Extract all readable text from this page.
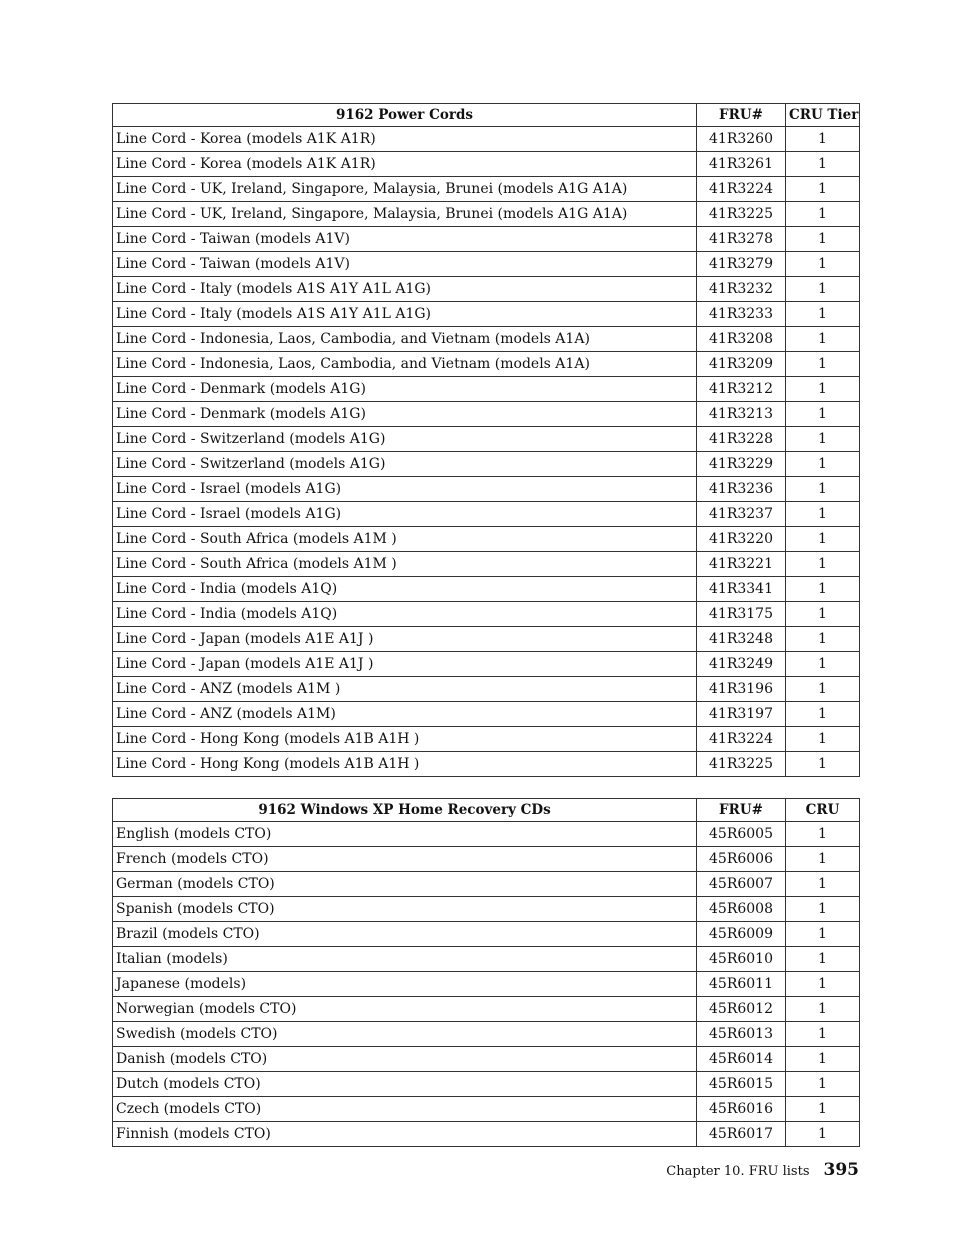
9162 Power Cords	FRU#	CRU Tier
Line Cord - Korea (models A1K A1R)	41R3260	1
Line Cord - Korea (models A1K A1R)	41R3261	1
Line Cord - UK, Ireland, Singapore, Malaysia, Brunei (models A1G A1A)	41R3224	1
Line Cord - UK, Ireland, Singapore, Malaysia, Brunei (models A1G A1A)	41R3225	1
Line Cord - Taiwan (models A1V)	41R3278	1
Line Cord - Taiwan (models A1V)	41R3279	1
Line Cord - Italy (models A1S A1Y A1L A1G)	41R3232	1
Line Cord - Italy (models A1S A1Y A1L A1G)	41R3233	1
Line Cord - Indonesia, Laos, Cambodia, and Vietnam (models A1A)	41R3208	1
Line Cord - Indonesia, Laos, Cambodia, and Vietnam (models A1A)	41R3209	1
Line Cord - Denmark (models A1G)	41R3212	1
Line Cord - Denmark (models A1G)	41R3213	1
Line Cord - Switzerland (models A1G)	41R3228	1
Line Cord - Switzerland (models A1G)	41R3229	1
Line Cord - Israel (models A1G)	41R3236	1
Line Cord - Israel (models A1G)	41R3237	1
Line Cord - South Africa (models A1M )	41R3220	1
Line Cord - South Africa (models A1M )	41R3221	1
Line Cord - India (models A1Q)	41R3341	1
Line Cord - India (models A1Q)	41R3175	1
Line Cord - Japan (models A1E A1J )	41R3248	1
Line Cord - Japan (models A1E A1J )	41R3249	1
Line Cord - ANZ (models A1M )	41R3196	1
Line Cord - ANZ (models A1M)	41R3197	1
Line Cord - Hong Kong (models A1B A1H )	41R3224	1
Line Cord - Hong Kong (models A1B A1H )	41R3225	1
9162 Windows XP Home Recovery CDs	FRU#	CRU
English (models CTO)	45R6005	1
French (models CTO)	45R6006	1
German (models CTO)	45R6007	1
Spanish (models CTO)	45R6008	1
Brazil (models CTO)	45R6009	1
Italian (models)	45R6010	1
Japanese (models)	45R6011	1
Norwegian (models CTO)	45R6012	1
Swedish (models CTO)	45R6013	1
Danish (models CTO)	45R6014	1
Dutch (models CTO)	45R6015	1
Czech (models CTO)	45R6016	1
Finnish (models CTO)	45R6017	1
Chapter 10. FRU lists 395
